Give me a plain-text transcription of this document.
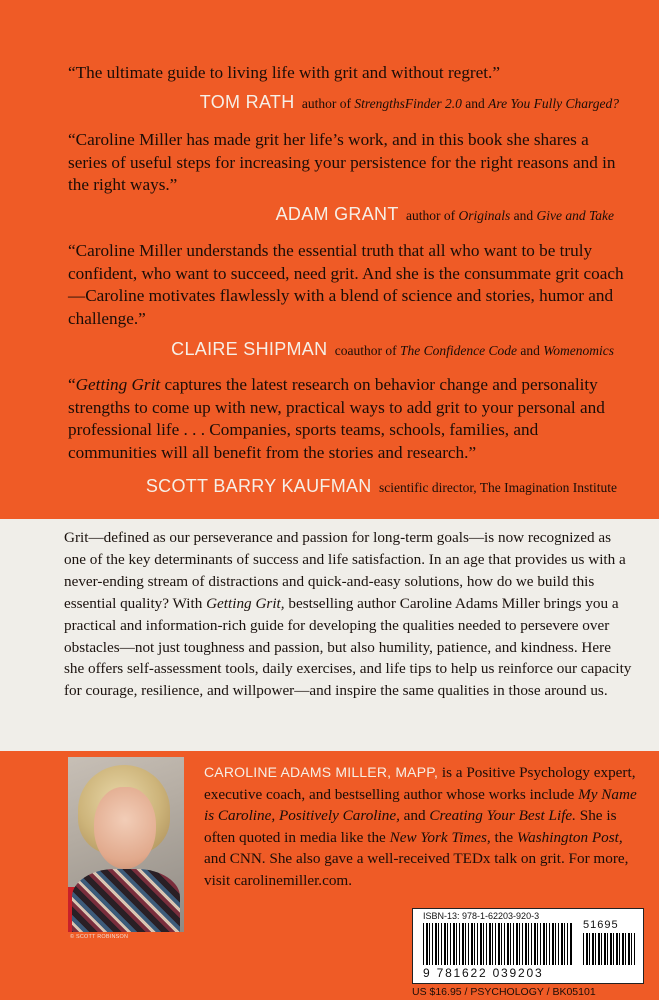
“The ultimate guide to living life with grit and without regret.”
TOM RATH author of StrengthsFinder 2.0 and Are You Fully Charged?
“Caroline Miller has made grit her life’s work, and in this book she shares a series of useful steps for increasing your persistence for the right reasons and in the right ways.”
ADAM GRANT author of Originals and Give and Take
“Caroline Miller understands the essential truth that all who want to be truly confident, who want to succeed, need grit. And she is the consummate grit coach—Caroline motivates flawlessly with a blend of science and stories, humor and challenge.”
CLAIRE SHIPMAN coauthor of The Confidence Code and Womenomics
“Getting Grit captures the latest research on behavior change and personality strengths to come up with new, practical ways to add grit to your personal and professional life . . . Companies, sports teams, schools, families, and communities will all benefit from the stories and research.”
SCOTT BARRY KAUFMAN scientific director, The Imagination Institute
Grit—defined as our perseverance and passion for long-term goals—is now recognized as one of the key determinants of success and life satisfaction. In an age that provides us with a never-ending stream of distractions and quick-and-easy solutions, how do we build this essential quality? With Getting Grit, bestselling author Caroline Adams Miller brings you a practical and information-rich guide for developing the qualities needed to persevere over obstacles—not just toughness and passion, but also humility, patience, and kindness. Here she offers self-assessment tools, daily exercises, and life tips to help us reinforce our capacity for courage, resilience, and willpower—and inspire the same qualities in those around us.
© SCOTT ROBINSON
CAROLINE ADAMS MILLER, MAPP, is a Positive Psychology expert, executive coach, and bestselling author whose works include My Name is Caroline, Positively Caroline, and Creating Your Best Life. She is often quoted in media like the New York Times, the Washington Post, and CNN. She also gave a well-received TEDx talk on grit. For more, visit carolinemiller.com.
ISBN-13: 978-1-62203-920-3
51695
9 781622 039203
US $16.95 / PSYCHOLOGY / BK05101
